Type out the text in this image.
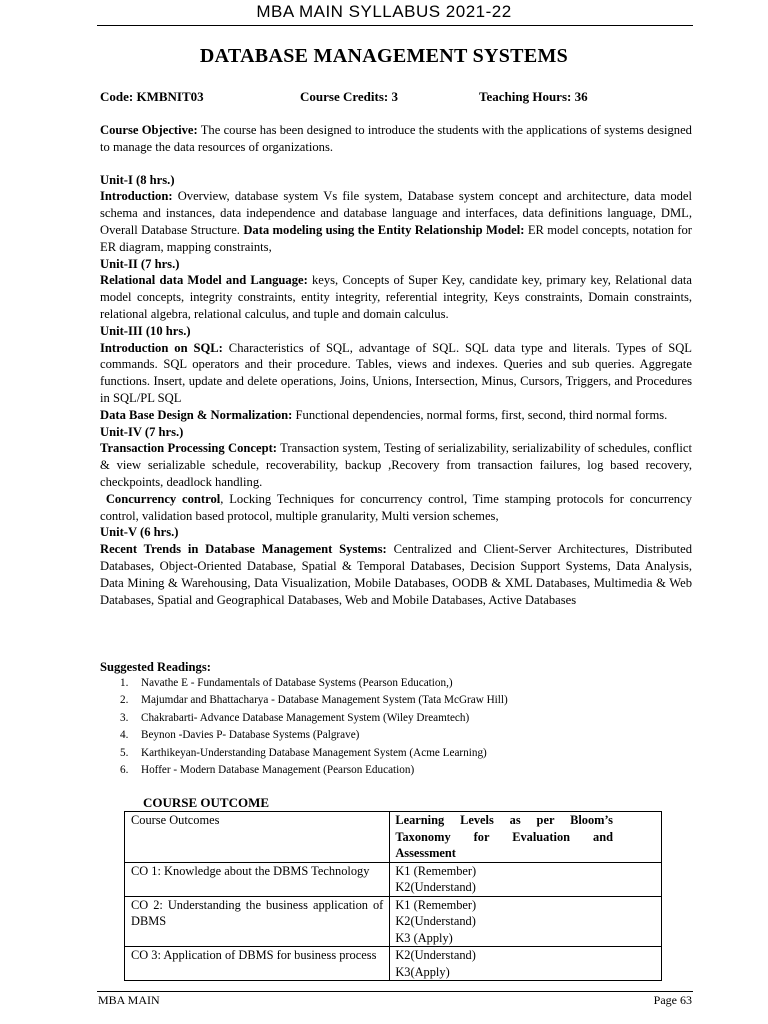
MBA MAIN SYLLABUS 2021-22
DATABASE MANAGEMENT SYSTEMS
Code: KMBNIT03	Course Credits: 3	Teaching Hours: 36

Course Objective: The course has been designed to introduce the students with the applications of systems designed to manage the data resources of organizations.

Unit-I (8 hrs.)

Introduction: Overview, database system Vs file system, Database system concept and architecture, data model schema and instances, data independence and database language and interfaces, data definitions language, DML, Overall Database Structure. Data modeling using the Entity Relationship Model: ER model concepts, notation for ER diagram, mapping constraints,

Unit-II (7 hrs.)

Relational data Model and Language: keys, Concepts of Super Key, candidate key, primary key, Relational data model concepts, integrity constraints, entity integrity, referential integrity, Keys constraints, Domain constraints, relational algebra, relational calculus, and tuple and domain calculus.

Unit-III (10 hrs.)

Introduction on SQL: Characteristics of SQL, advantage of SQL. SQL data type and literals. Types of SQL commands. SQL operators and their procedure. Tables, views and indexes. Queries and sub queries. Aggregate functions. Insert, update and delete operations, Joins, Unions, Intersection, Minus, Cursors, Triggers, and Procedures in SQL/PL SQL

Data Base Design & Normalization: Functional dependencies, normal forms, first, second, third normal forms.

Unit-IV (7 hrs.)

Transaction Processing Concept: Transaction system, Testing of serializability, serializability of schedules, conflict & view serializable schedule, recoverability, backup ,Recovery from transaction failures, log based recovery, checkpoints, deadlock handling.

Concurrency control, Locking Techniques for concurrency control, Time stamping protocols for concurrency control, validation based protocol, multiple granularity, Multi version schemes,

Unit-V (6 hrs.)

Recent Trends in Database Management Systems: Centralized and Client-Server Architectures, Distributed Databases, Object-Oriented Database, Spatial & Temporal Databases, Decision Support Systems, Data Analysis, Data Mining & Warehousing, Data Visualization, Mobile Databases, OODB & XML Databases, Multimedia & Web Databases, Spatial and Geographical Databases, Web and Mobile Databases, Active Databases

Suggested Readings:
1. Navathe E - Fundamentals of Database Systems (Pearson Education,)
2. Majumdar and Bhattacharya - Database Management System (Tata McGraw Hill)
3. Chakrabarti- Advance Database Management System (Wiley Dreamtech)
4. Beynon -Davies P- Database Systems (Palgrave)
5. Karthikeyan-Understanding Database Management System (Acme Learning)
6. Hoffer - Modern Database Management (Pearson Education)
COURSE OUTCOME
Course Outcomes	Learning Levels as per Bloom’s Taxonomy for Evaluation and Assessment
CO 1: Knowledge about the DBMS Technology	K1 (Remember)
K2(Understand)

CO 2: Understanding the business application of DBMS	K1 (Remember)
K2(Understand)
K3 (Apply)

CO 3: Application of DBMS for business process	K2(Understand)
K3(Apply)
MBA MAIN	Page 63
